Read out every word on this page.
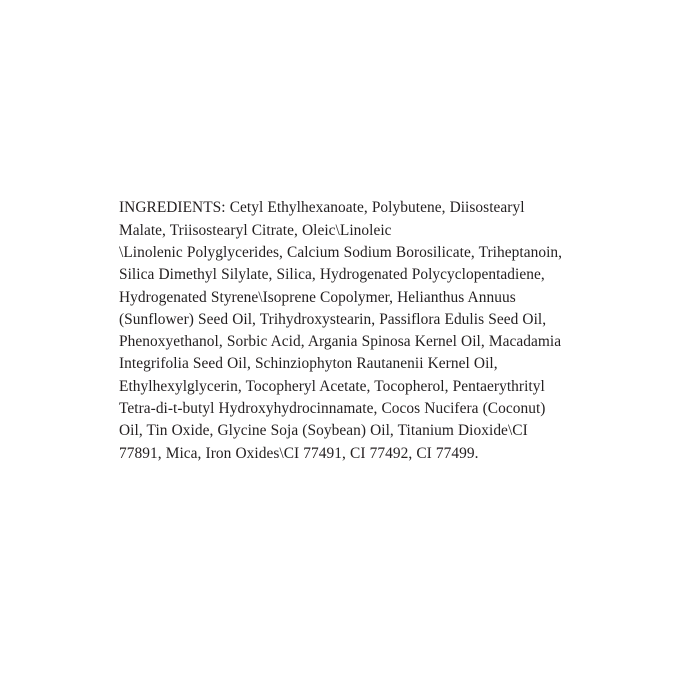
INGREDIENTS: Cetyl Ethylhexanoate, Polybutene, Diisostearyl Malate, Triisostearyl Citrate, Oleic\Linoleic
\Linolenic Polyglycerides, Calcium Sodium Borosilicate, Triheptanoin, Silica Dimethyl Silylate, Silica, Hydrogenated Polycyclopentadiene, Hydrogenated Styrene\Isoprene Copolymer, Helianthus Annuus (Sunflower) Seed Oil, Trihydroxystearin, Passiflora Edulis Seed Oil, Phenoxyethanol, Sorbic Acid, Argania Spinosa Kernel Oil, Macadamia Integrifolia Seed Oil, Schinziophyton Rautanenii Kernel Oil, Ethylhexylglycerin, Tocopheryl Acetate, Tocopherol, Pentaerythrityl Tetra-di-t-butyl Hydroxyhydrocinnamate, Cocos Nucifera (Coconut) Oil, Tin Oxide, Glycine Soja (Soybean) Oil, Titanium Dioxide\CI 77891, Mica, Iron Oxides\CI 77491, CI 77492, CI 77499.
